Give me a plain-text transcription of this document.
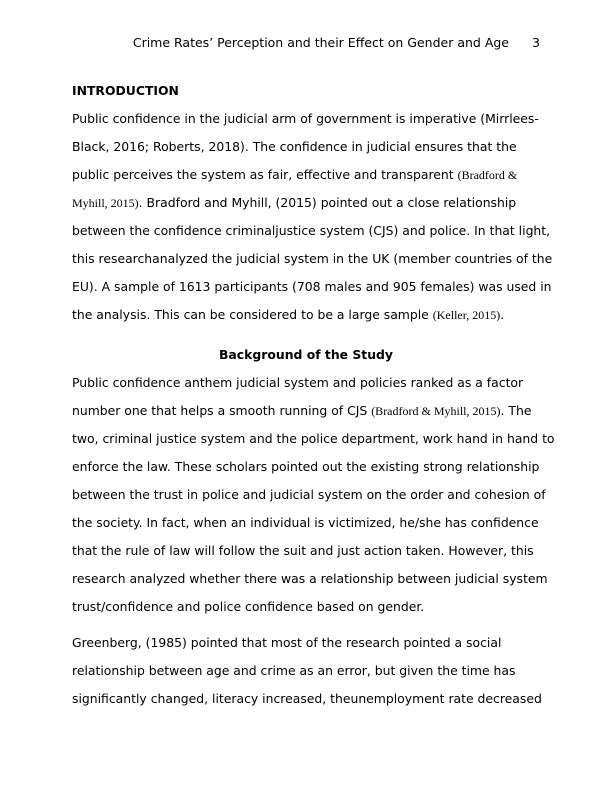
Crime Rates’ Perception and their Effect on Gender and Age 3
INTRODUCTION
Public confidence in the judicial arm of government is imperative (Mirrlees-
Black, 2016; Roberts, 2018). The confidence in judicial ensures that the
public perceives the system as fair, effective and transparent (Bradford &
Myhill, 2015). Bradford and Myhill, (2015) pointed out a close relationship
between the confidence criminaljustice system (CJS) and police. In that light,
this researchanalyzed the judicial system in the UK (member countries of the
EU). A sample of 1613 participants (708 males and 905 females) was used in
the analysis. This can be considered to be a large sample (Keller, 2015).
Background of the Study
Public confidence anthem judicial system and policies ranked as a factor
number one that helps a smooth running of CJS (Bradford & Myhill, 2015). The
two, criminal justice system and the police department, work hand in hand to
enforce the law. These scholars pointed out the existing strong relationship
between the trust in police and judicial system on the order and cohesion of
the society. In fact, when an individual is victimized, he/she has confidence
that the rule of law will follow the suit and just action taken. However, this
research analyzed whether there was a relationship between judicial system
trust/confidence and police confidence based on gender.
Greenberg, (1985) pointed that most of the research pointed a social
relationship between age and crime as an error, but given the time has
significantly changed, literacy increased, theunemployment rate decreased
